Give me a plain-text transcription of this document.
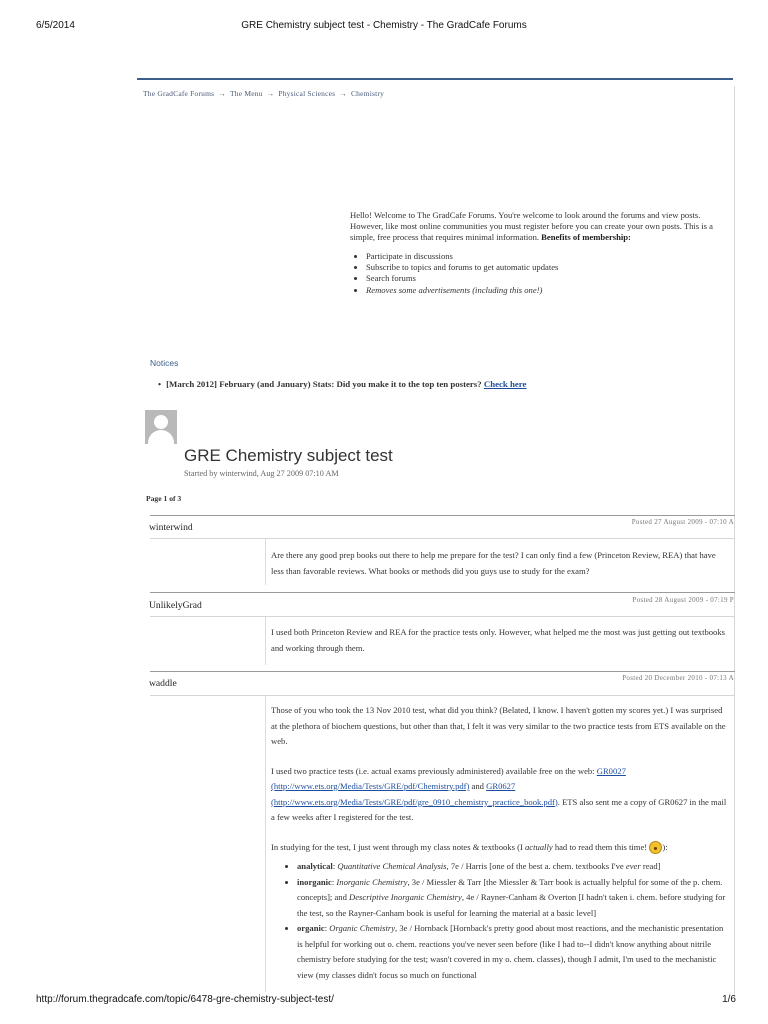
6/5/2014	GRE Chemistry subject test - Chemistry - The GradCafe Forums
The GradCafe Forums → The Menu → Physical Sciences → Chemistry
Hello! Welcome to The GradCafe Forums. You're welcome to look around the forums and view posts. However, like most online communities you must register before you can create your own posts. This is a simple, free process that requires minimal information. Benefits of membership:
• Participate in discussions
• Subscribe to topics and forums to get automatic updates
• Search forums
• Removes some advertisements (including this one!)
Notices
• [March 2012] February (and January) Stats: Did you make it to the top ten posters? Check here
GRE Chemistry subject test
Started by winterwind, Aug 27 2009 07:10 AM
Page 1 of 3
winterwind	Posted 27 August 2009 - 07:10 A

Are there any good prep books out there to help me prepare for the test? I can only find a few (Princeton Review, REA) that have less than favorable reviews. What books or methods did you guys use to study for the exam?

UnlikelyGrad	Posted 28 August 2009 - 07:19 P

I used both Princeton Review and REA for the practice tests only. However, what helped me the most was just getting out textbooks and working through them.

waddle	Posted 20 December 2010 - 07:13 A

Those of you who took the 13 Nov 2010 test, what did you think? (Belated, I know. I haven't gotten my scores yet.) I was surprised at the plethora of biochem questions, but other than that, I felt it was very similar to the two practice tests from ETS available on the web.

I used two practice tests (i.e. actual exams previously administered) available free on the web: GR0027 (http://www.ets.org/Media/Tests/GRE/pdf/Chemistry.pdf) and GR0627 (http://www.ets.org/Media/Tests/GRE/pdf/gre_0910_chemistry_practice_book.pdf). ETS also sent me a copy of GR0627 in the mail a few weeks after I registered for the test.

In studying for the test, I just went through my class notes & textbooks (I actually had to read them this time! ):

• analytical: Quantitative Chemical Analysis, 7e / Harris [one of the best a. chem. textbooks I've ever read]
• inorganic: Inorganic Chemistry, 3e / Miessler & Tarr [the Miessler & Tarr book is actually helpful for some of the p. chem. concepts]; and Descriptive Inorganic Chemistry, 4e / Rayner-Canham & Overton [I hadn't taken i. chem. before studying for the test, so the Rayner-Canham book is useful for learning the material at a basic level]
• organic: Organic Chemistry, 3e / Hornback [Hornback's pretty good about most reactions, and the mechanistic presentation is helpful for working out o. chem. reactions you've never seen before (like I had to--I didn't know anything about nitrile chemistry before studying for the test; wasn't covered in my o. chem. classes), though I admit, I'm used to the mechanistic view (my classes didn't focus so much on functional
http://forum.thegradcafe.com/topic/6478-gre-chemistry-subject-test/	1/6
